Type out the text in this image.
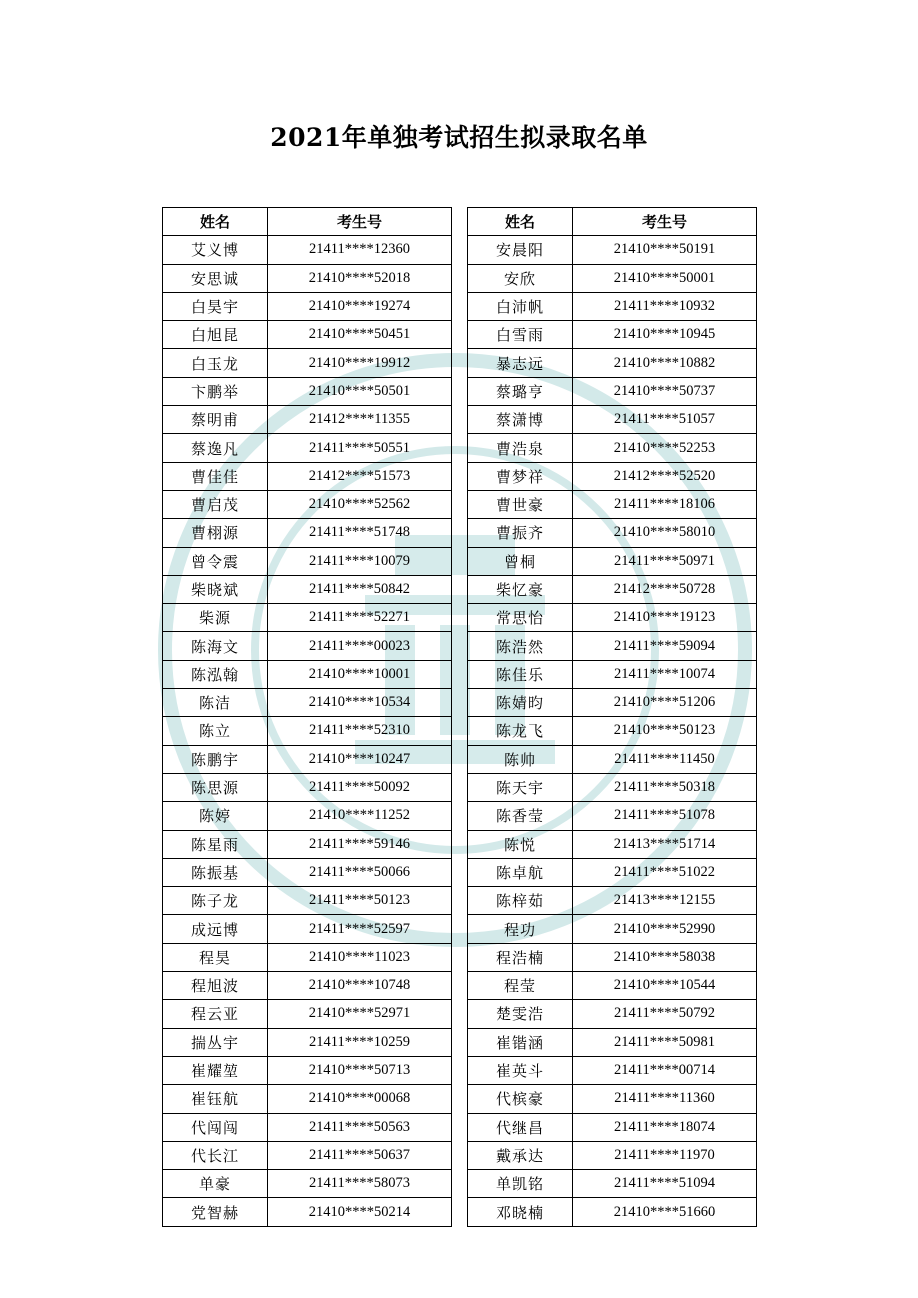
2021年单独考试招生拟录取名单
姓名	考生号
艾义博	21411****12360
安思诚	21410****52018
白昊宇	21410****19274
白旭昆	21410****50451
白玉龙	21410****19912
卞鹏举	21410****50501
蔡明甫	21412****11355
蔡逸凡	21411****50551
曹佳佳	21412****51573
曹启茂	21410****52562
曹栩源	21411****51748
曾令震	21411****10079
柴晓斌	21411****50842
柴源	21411****52271
陈海文	21411****00023
陈泓翰	21410****10001
陈洁	21410****10534
陈立	21411****52310
陈鹏宇	21410****10247
陈思源	21411****50092
陈婷	21410****11252
陈星雨	21411****59146
陈振基	21411****50066
陈子龙	21411****50123
成远博	21411****52597
程昊	21410****11023
程旭波	21410****10748
程云亚	21410****52971
揣丛宇	21411****10259
崔耀堃	21410****50713
崔钰航	21410****00068
代闯闯	21411****50563
代长江	21411****50637
单豪	21411****58073
党智赫	21410****50214
姓名	考生号
安晨阳	21410****50191
安欣	21410****50001
白沛帆	21411****10932
白雪雨	21410****10945
暴志远	21410****10882
蔡璐亨	21410****50737
蔡潇博	21411****51057
曹浩泉	21410****52253
曹梦祥	21412****52520
曹世豪	21411****18106
曹振齐	21410****58010
曾桐	21411****50971
柴忆豪	21412****50728
常思怡	21410****19123
陈浩然	21411****59094
陈佳乐	21411****10074
陈婧昀	21410****51206
陈龙飞	21410****50123
陈帅	21411****11450
陈天宇	21411****50318
陈香莹	21411****51078
陈悦	21413****51714
陈卓航	21411****51022
陈梓茹	21413****12155
程功	21410****52990
程浩楠	21410****58038
程莹	21410****10544
楚雯浩	21411****50792
崔锴涵	21411****50981
崔英斗	21411****00714
代槟豪	21411****11360
代继昌	21411****18074
戴承达	21411****11970
单凯铭	21411****51094
邓晓楠	21410****51660
